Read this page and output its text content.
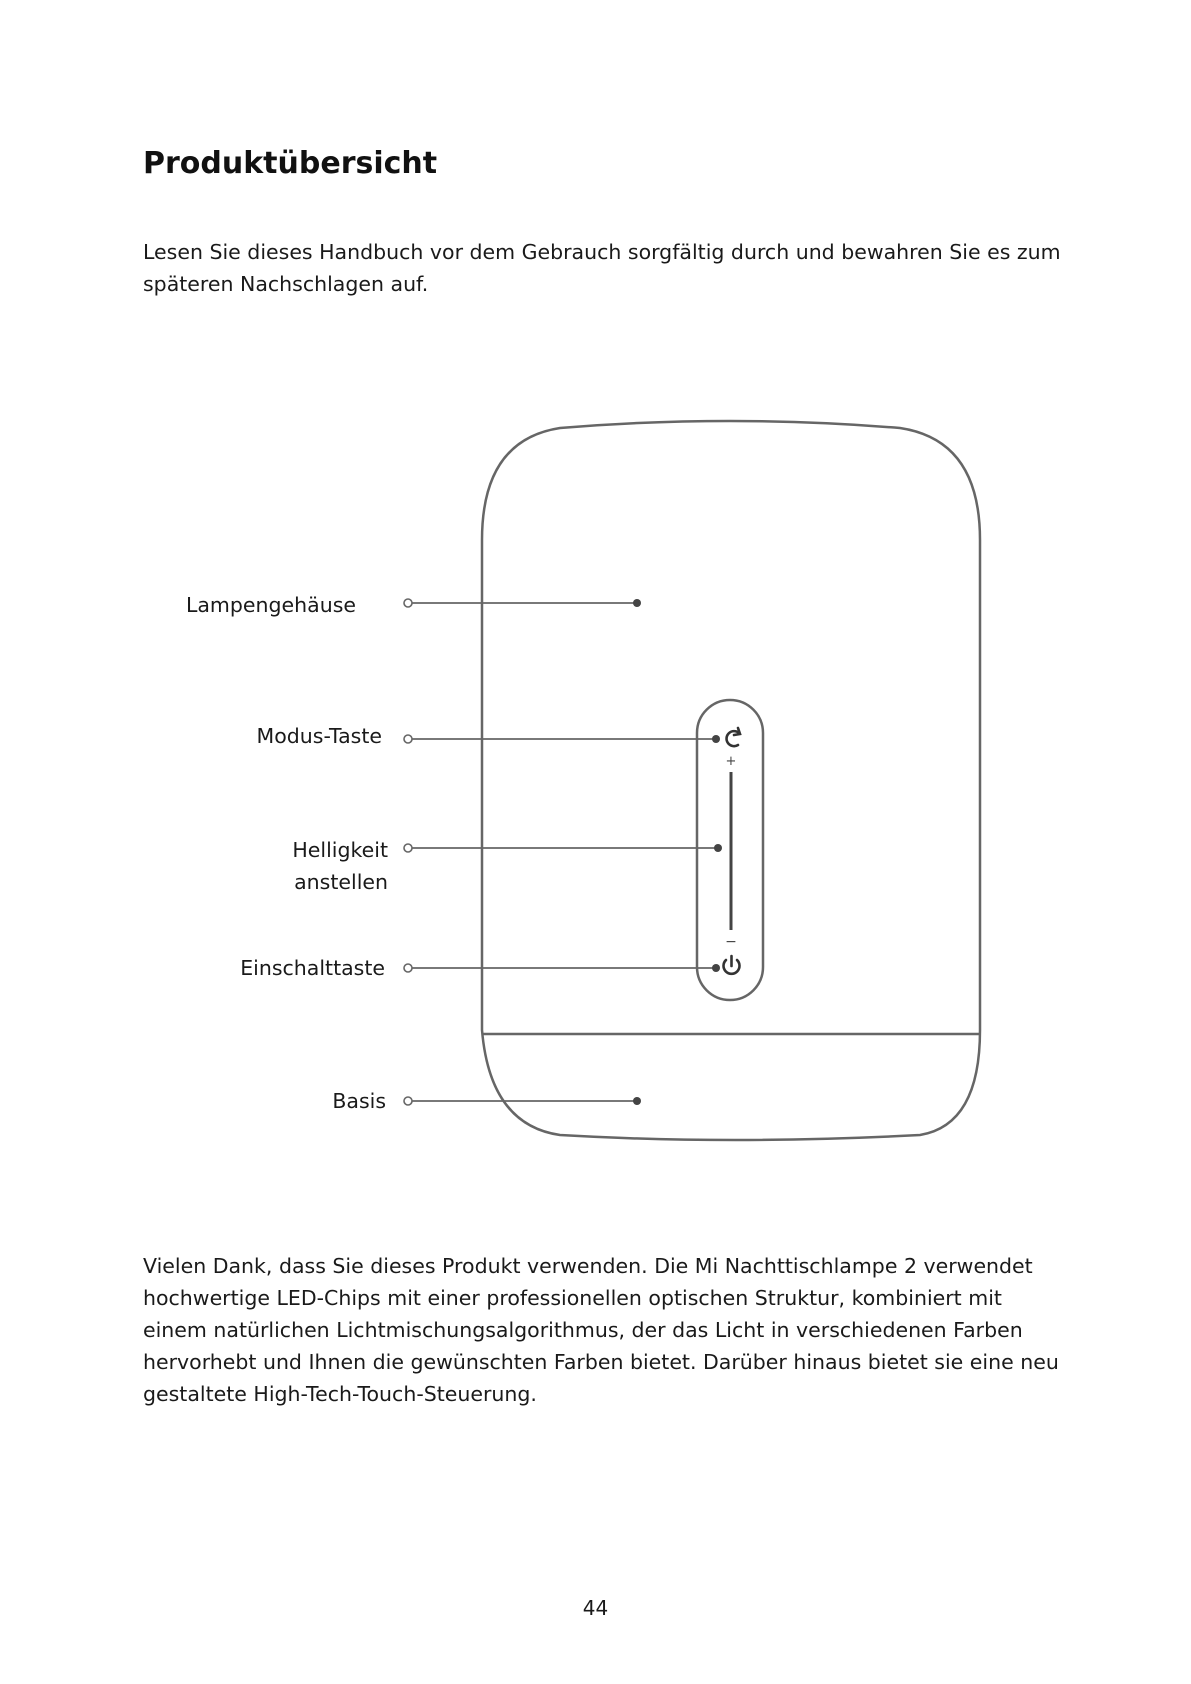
Produktübersicht

Lesen Sie dieses Handbuch vor dem Gebrauch sorgfältig durch und bewahren Sie es zum späteren Nachschlagen auf.

+
−
Lampengehäuse
Modus-Taste
Helligkeit
anstellen
Einschalttaste
Basis

Vielen Dank, dass Sie dieses Produkt verwenden. Die Mi Nachttischlampe 2 verwendet hochwertige LED-Chips mit einer professionellen optischen Struktur, kombiniert mit einem natürlichen Lichtmischungsalgorithmus, der das Licht in verschiedenen Farben hervorhebt und Ihnen die gewünschten Farben bietet. Darüber hinaus bietet sie eine neu gestaltete High-Tech-Touch-Steuerung.

44
